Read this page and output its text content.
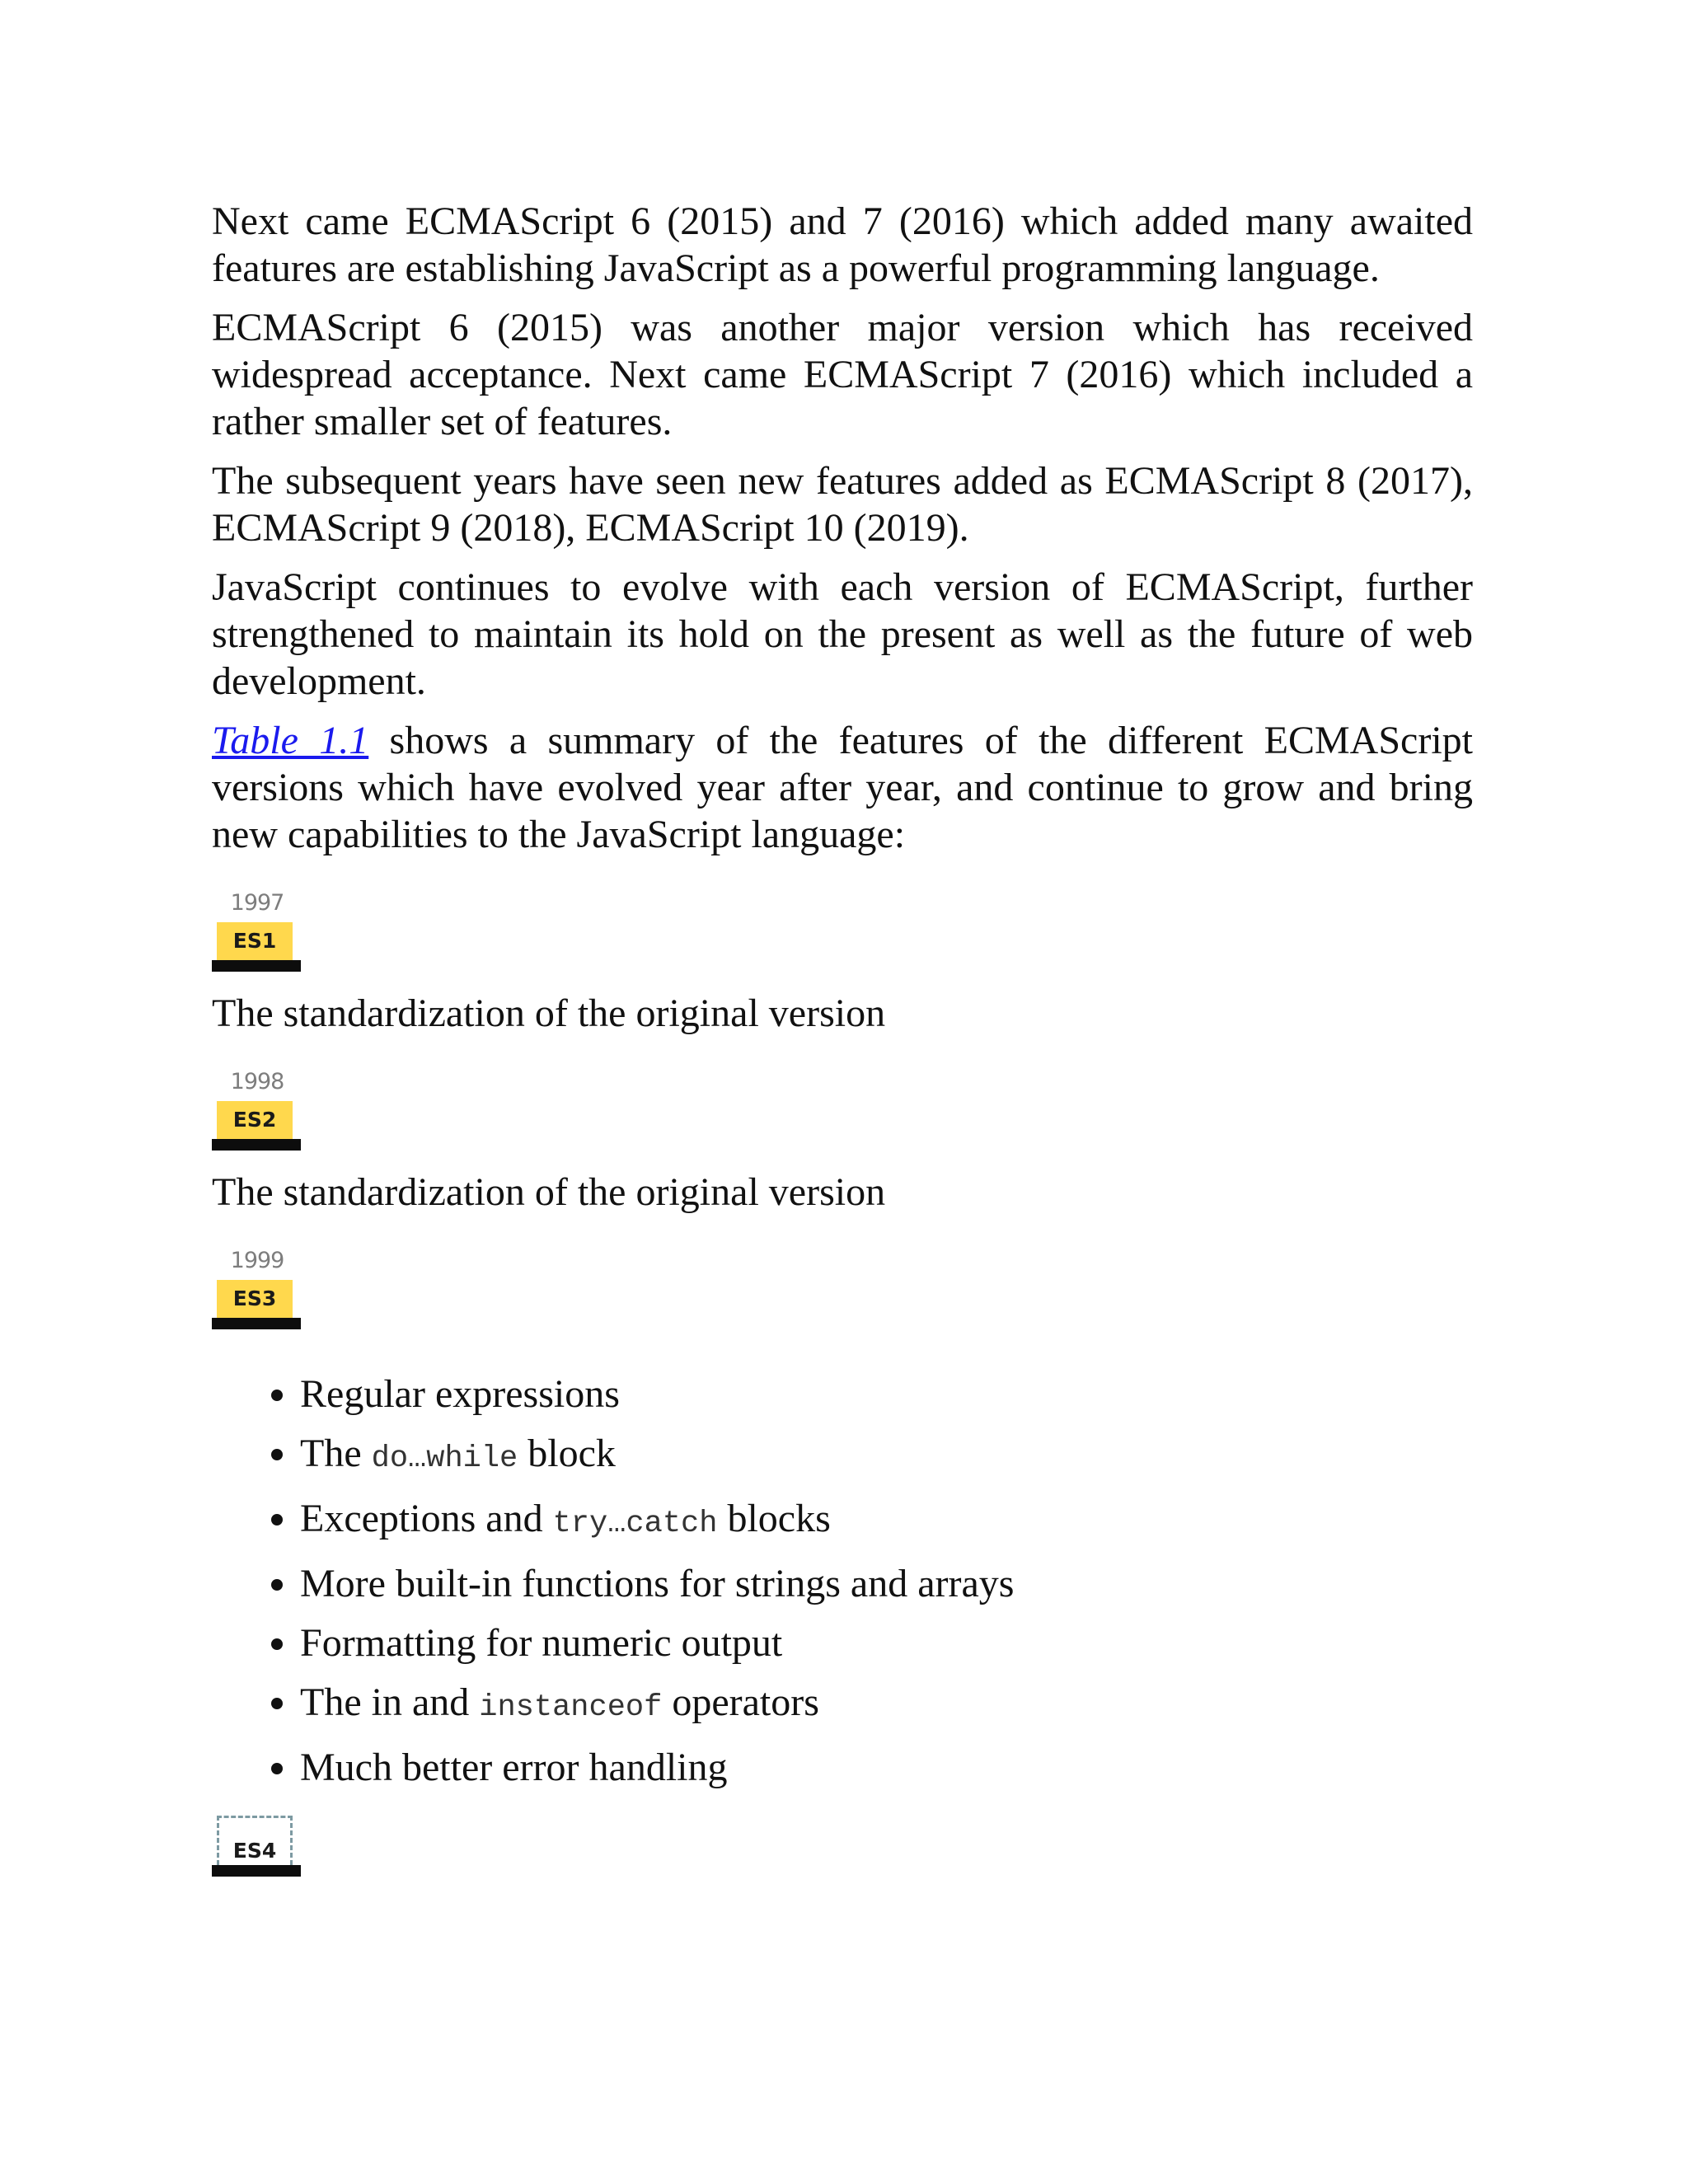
Next came ECMAScript 6 (2015) and 7 (2016) which added many awaited features are establishing JavaScript as a powerful programming language.

ECMAScript 6 (2015) was another major version which has received widespread acceptance. Next came ECMAScript 7 (2016) which included a rather smaller set of features.

The subsequent years have seen new features added as ECMAScript 8 (2017), ECMAScript 9 (2018), ECMAScript 10 (2019).

JavaScript continues to evolve with each version of ECMAScript, further strengthened to maintain its hold on the present as well as the future of web development.

Table 1.1 shows a summary of the features of the different ECMAScript versions which have evolved year after year, and continue to grow and bring new capabilities to the JavaScript language:

1997
ES1

The standardization of the original version

1998
ES2

The standardization of the original version

1999
ES3
• Regular expressions
• The do…while block
• Exceptions and try…catch blocks
• More built-in functions for strings and arrays
• Formatting for numeric output
• The in and instanceof operators
• Much better error handling
ES4
